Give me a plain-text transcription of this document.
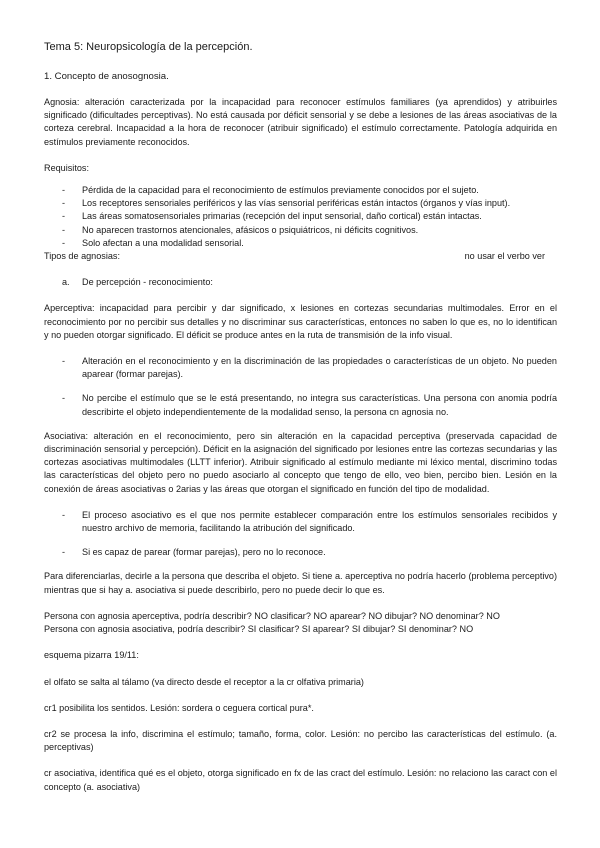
Tema 5: Neuropsicología de la percepción.

1. Concepto de anosognosia.

Agnosia: alteración caracterizada por la incapacidad para reconocer estímulos familiares (ya aprendidos) y atribuirles significado (dificultades perceptivas). No está causada por déficit sensorial y se debe a lesiones de las áreas asociativas de la corteza cerebral. Incapacidad a la hora de reconocer (atribuir significado) el estímulo correctamente. Patología adquirida en estímulos previamente reconocidos.

Requisitos:

- Pérdida de la capacidad para el reconocimiento de estímulos previamente conocidos por el sujeto.
- Los receptores sensoriales periféricos y las vías sensorial periféricas están intactos (órganos y vías input).
- Las áreas somatosensoriales primarias (recepción del input sensorial, daño cortical) están intactas.
- No aparecen trastornos atencionales, afásicos o psiquiátricos, ni déficits cognitivos.
- Solo afectan a una modalidad sensorial.
Tipos de agnosias:	no usar el verbo ver
a. De percepción - reconocimiento:

Aperceptiva: incapacidad para percibir y dar significado, x lesiones en cortezas secundarias multimodales. Error en el reconocimiento por no percibir sus detalles y no discriminar sus características, entonces no saben lo que es, no lo identifican y no pueden otorgar significado. El déficit se produce antes en la ruta de transmisión de la info visual.

- Alteración en el reconocimiento y en la discriminación de las propiedades o características de un objeto. No pueden aparear (formar parejas).
- No percibe el estímulo que se le está presentando, no integra sus características. Una persona con anomia podría describirte el objeto independientemente de la modalidad senso, la persona cn agnosia no.

Asociativa: alteración en el reconocimiento, pero sin alteración en la capacidad perceptiva (preservada capacidad de discriminación sensorial y percepción). Déficit en la asignación del significado por lesiones entre las cortezas secundarias y las cortezas asociativas multimodales (LLTT inferior). Atribuir significado al estímulo mediante mi léxico mental, discrimino todas las características del objeto pero no puedo asociarlo al concepto que tengo de ello, veo bien, percibo bien. Lesión en la conexión de áreas asociativas o 2arias y las áreas que otorgan el significado en función del tipo de modalidad.

- El proceso asociativo es el que nos permite establecer comparación entre los estímulos sensoriales recibidos y nuestro archivo de memoria, facilitando la atribución del significado.
- Si es capaz de parear (formar parejas), pero no lo reconoce.

Para diferenciarlas, decirle a la persona que describa el objeto. Si tiene a. aperceptiva no podría hacerlo (problema perceptivo) mientras que si hay a. asociativa si puede describirlo, pero no puede decir lo que es.

Persona con agnosia aperceptiva, podría describir? NO clasificar? NO aparear? NO dibujar? NO denominar? NO

Persona con agnosia asociativa, podría describir? SI clasificar? SI aparear? SI dibujar? SI denominar? NO

esquema pizarra 19/11:

el olfato se salta al tálamo (va directo desde el receptor a la cr olfativa primaria)

cr1 posibilita los sentidos. Lesión: sordera o ceguera cortical pura*.

cr2 se procesa la info, discrimina el estímulo; tamaño, forma, color. Lesión: no percibo las características del estímulo. (a. perceptivas)

cr asociativa, identifica qué es el objeto, otorga significado en fx de las cract del estímulo. Lesión: no relaciono las caract con el concepto (a. asociativa)
